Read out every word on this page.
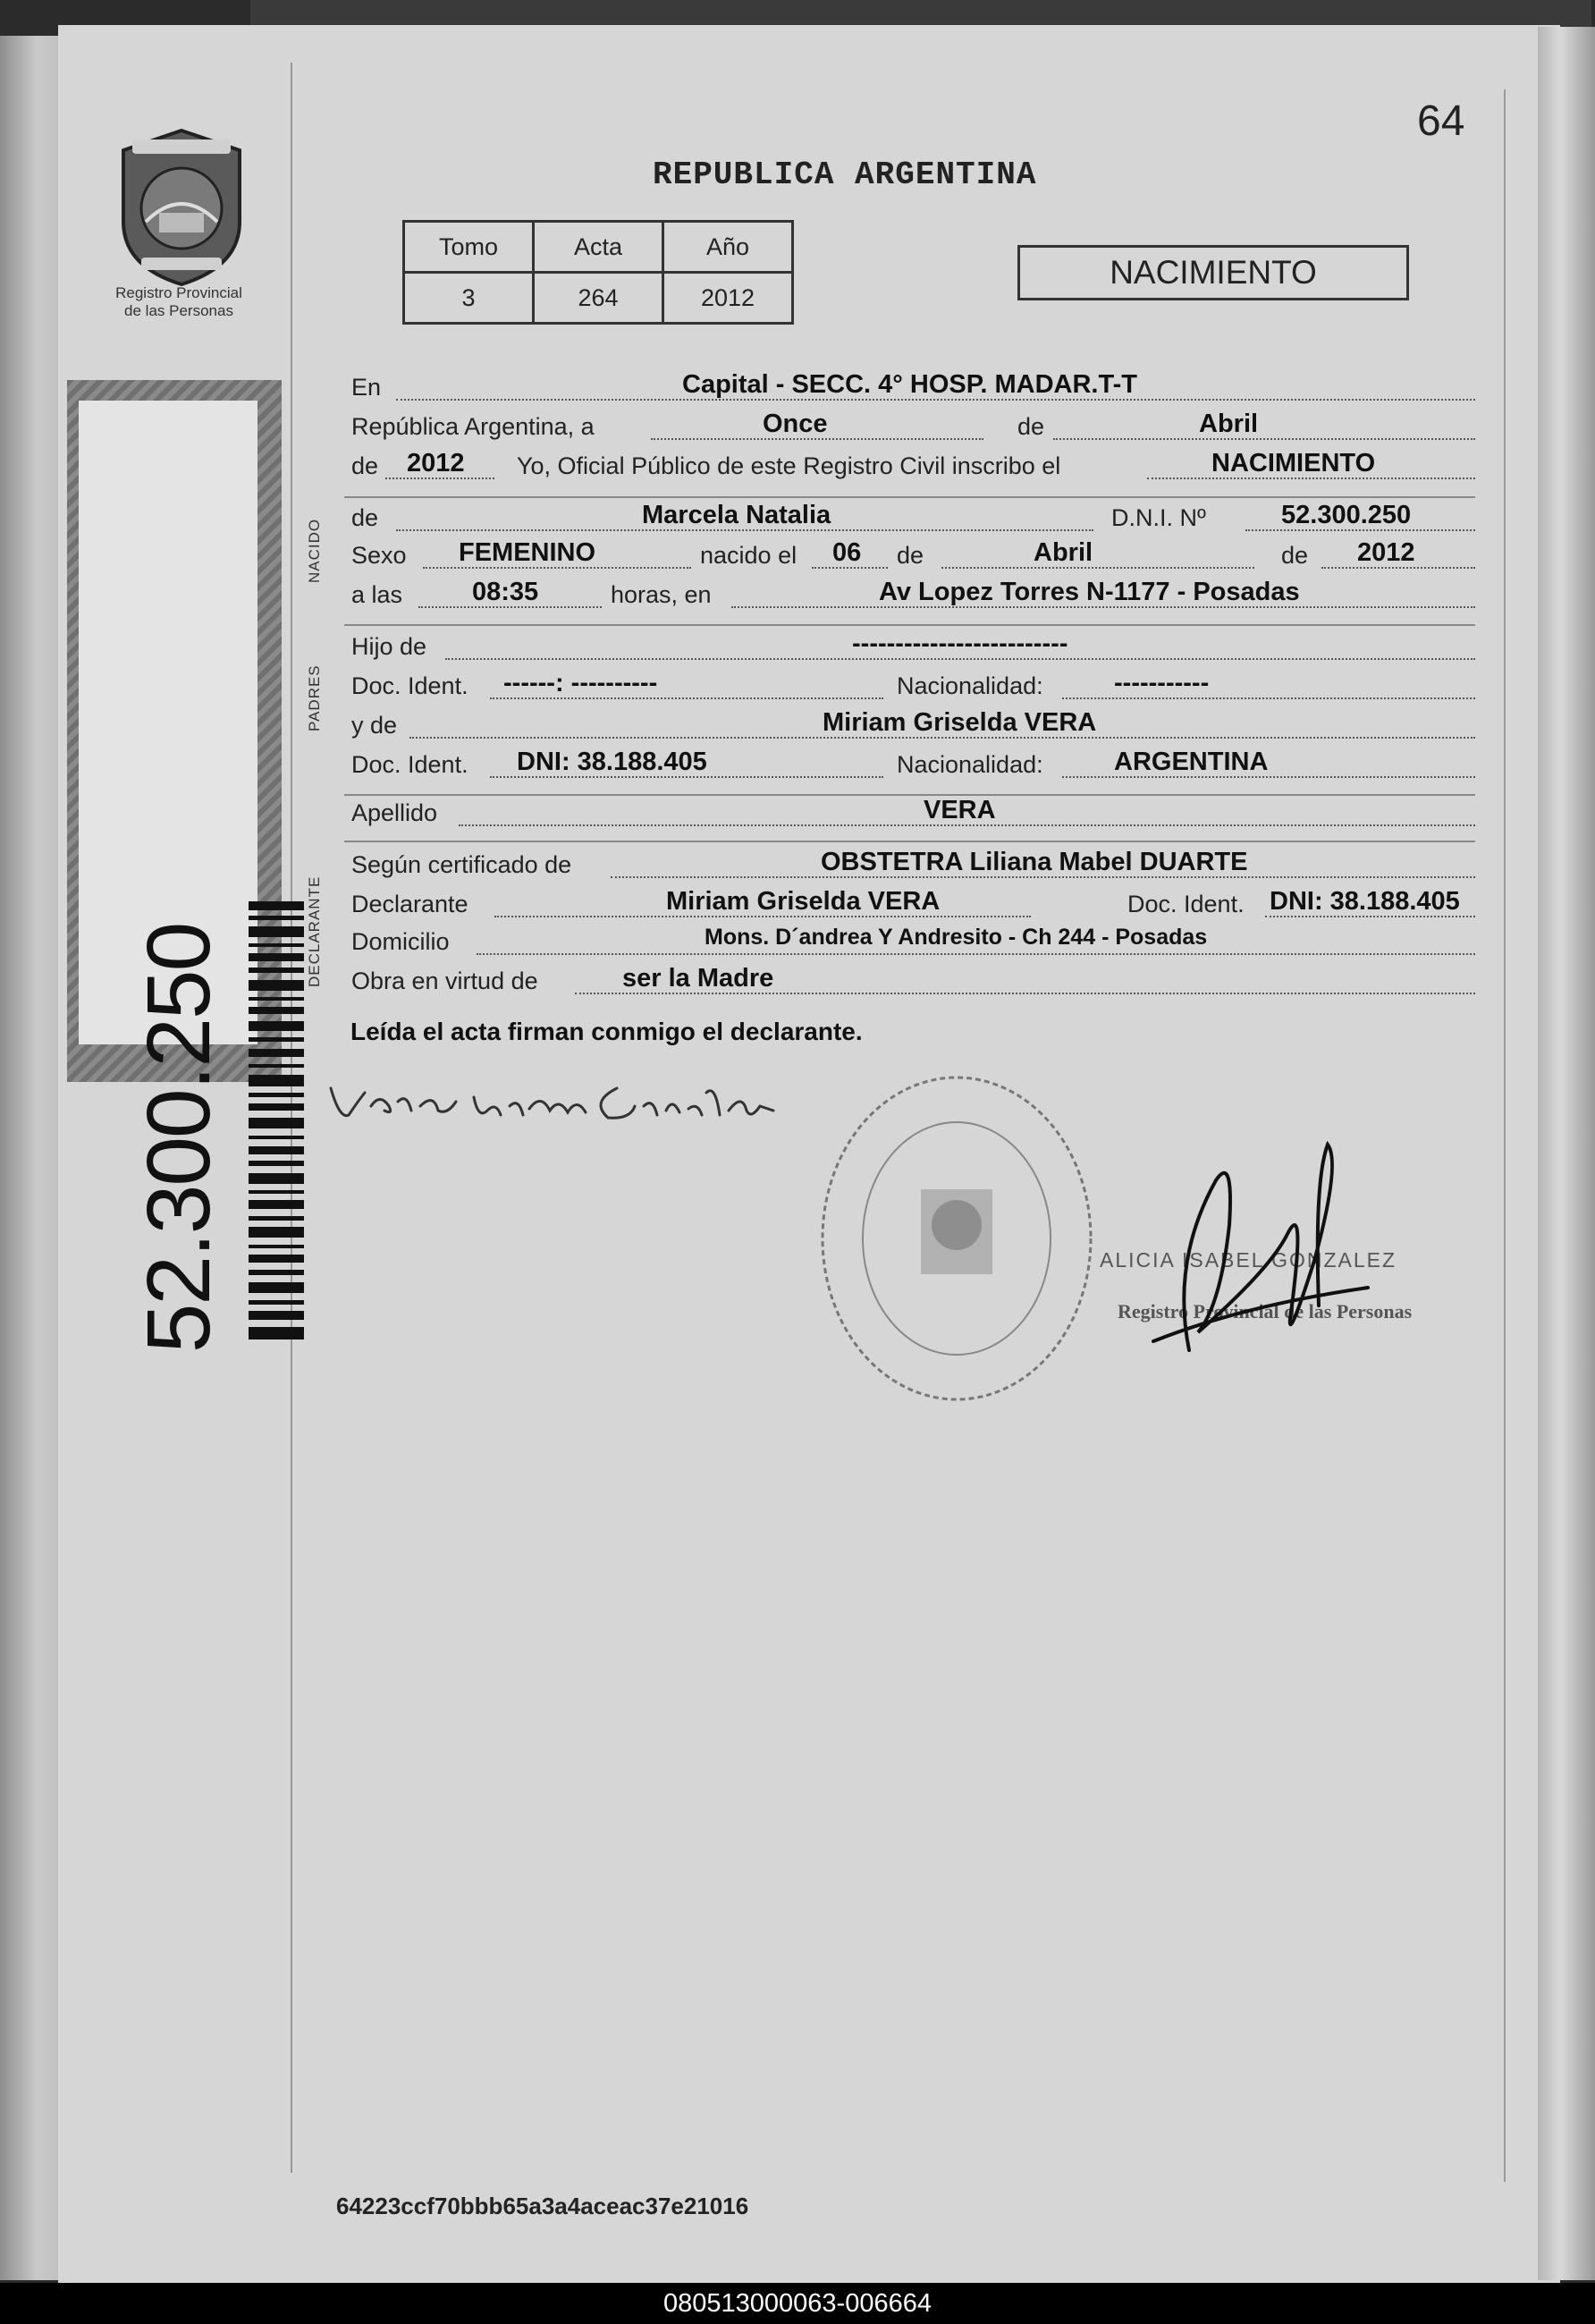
Registro Provincial
de las Personas
52.300.250
64
REPUBLICA ARGENTINA
Tomo	Acta	Año
3	264	2012
NACIMIENTO
NACIDO
PADRES
DECLARANTE
En	Capital - SECC. 4° HOSP. MADAR.T-T
República Argentina, a	Once	de	Abril
de 2012 Yo, Oficial Público de este Registro Civil inscribo el	NACIMIENTO
de	Marcela Natalia	D.N.I. Nº	52.300.250
Sexo FEMENINO	nacido el 06 de	Abril	de 2012
a las	08:35	horas, en	Av Lopez Torres N-1177 - Posadas
Hijo de	-------------------------
Doc. Ident. ------: ----------	Nacionalidad:	-----------
y de	Miriam Griselda VERA
Doc. Ident. DNI: 38.188.405	Nacionalidad:	ARGENTINA
Apellido	VERA
Según certificado de	OBSTETRA Liliana Mabel DUARTE
Declarante	Miriam Griselda VERA	Doc. Ident. DNI: 38.188.405
Domicilio	Mons. D´andrea Y Andresito - Ch 244 - Posadas
Obra en virtud de	ser la Madre
Leída el acta firman conmigo el declarante.
ALICIA ISABEL GONZALEZ
Registro Provincial de las Personas
64223ccf70bbb65a3a4aceac37e21016
080513000063-006664
